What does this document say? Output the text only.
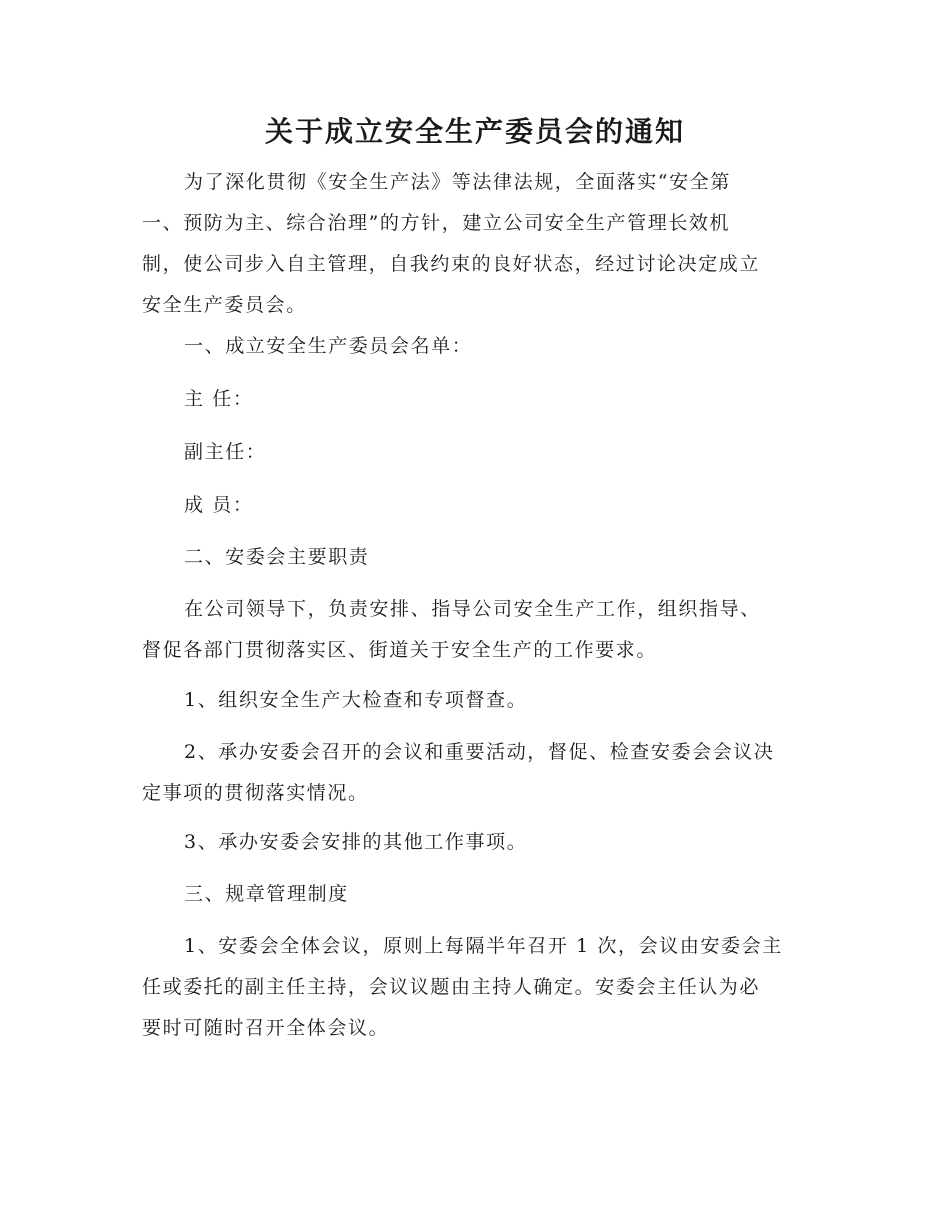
关于成立安全生产委员会的通知
为了深化贯彻《安全生产法》等法律法规，全面落实“安全第
一、预防为主、综合治理”的方针，建立公司安全生产管理长效机
制，使公司步入自主管理，自我约束的良好状态，经过讨论决定成立
安全生产委员会。
一、成立安全生产委员会名单：
主 任：
副主任：
成 员：
二、安委会主要职责
在公司领导下，负责安排、指导公司安全生产工作，组织指导、
督促各部门贯彻落实区、街道关于安全生产的工作要求。
1、组织安全生产大检查和专项督查。
2、承办安委会召开的会议和重要活动，督促、检查安委会会议决
定事项的贯彻落实情况。
3、承办安委会安排的其他工作事项。
三、规章管理制度
1、安委会全体会议，原则上每隔半年召开 1 次，会议由安委会主
任或委托的副主任主持，会议议题由主持人确定。安委会主任认为必
要时可随时召开全体会议。
